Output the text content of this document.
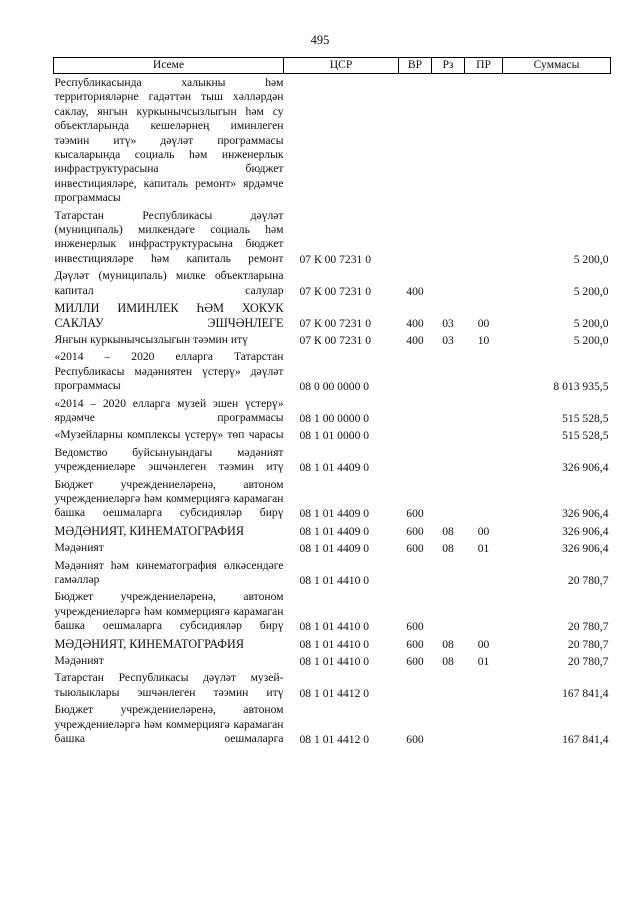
495
Исеме	ЦСР	ВР	Рз	ПР	Суммасы
Республикасында халыкны һәм территорияләрне гадәттән тыш хәлләрдән саклау, янгын куркынычсызлыгын һәм су объектларында кешеләрнең иминлеген тәэмин итү» дәүләт программасы кысаларында социаль һәм инженерлык инфраструктурасына бюджет инвестицияләре, капиталь ремонт» ярдәмче программасы					
Татарстан Республикасы дәүләт (муниципаль) милкендәге социаль һәм инженерлык инфраструктурасына бюджет инвестицияләре һәм капиталь ремонт	07 К 00 7231 0				5 200,0
Дәүләт (муниципаль) милке объектларына капитал салулар	07 К 00 7231 0	400			5 200,0
МИЛЛИ ИМИНЛЕК ҺӘМ ХОКУК САКЛАУ ЭШЧӘНЛЕГЕ	07 К 00 7231 0	400	03	00	5 200,0
Янгын куркынычсызлыгын тәэмин итү	07 К 00 7231 0	400	03	10	5 200,0
«2014 – 2020 елларга Татарстан Республикасы мәдәниятен үстерү» дәүләт программасы	08 0 00 0000 0				8 013 935,5
«2014 – 2020 елларга музей эшен үстерү» ярдәмче программасы	08 1 00 0000 0				515 528,5
«Музейларны комплексы үстерү» төп чарасы	08 1 01 0000 0				515 528,5
Ведомство буйсынуындагы мәдәният учреждениеләре эшчәнлеген тәэмин итү	08 1 01 4409 0				326 906,4
Бюджет учреждениеләренә, автоном учреждениеләргә һәм коммерциягә карамаган башка оешмаларга субсидияләр бирү	08 1 01 4409 0	600			326 906,4
МӘДӘНИЯТ, КИНЕМАТОГРАФИЯ	08 1 01 4409 0	600	08	00	326 906,4
Мәдәният	08 1 01 4409 0	600	08	01	326 906,4
Мәдәният һәм кинематография өлкәсендәге гамәлләр	08 1 01 4410 0				20 780,7
Бюджет учреждениеләренә, автоном учреждениеләргә һәм коммерциягә карамаган башка оешмаларга субсидияләр бирү	08 1 01 4410 0	600			20 780,7
МӘДӘНИЯТ, КИНЕМАТОГРАФИЯ	08 1 01 4410 0	600	08	00	20 780,7
Мәдәният	08 1 01 4410 0	600	08	01	20 780,7
Татарстан Республикасы дәүләт музей-тыюлыклары эшчәнлеген тәэмин итү	08 1 01 4412 0				167 841,4
Бюджет учреждениеләренә, автоном учреждениеләргә һәм коммерциягә карамаган башка оешмаларга	08 1 01 4412 0	600			167 841,4
